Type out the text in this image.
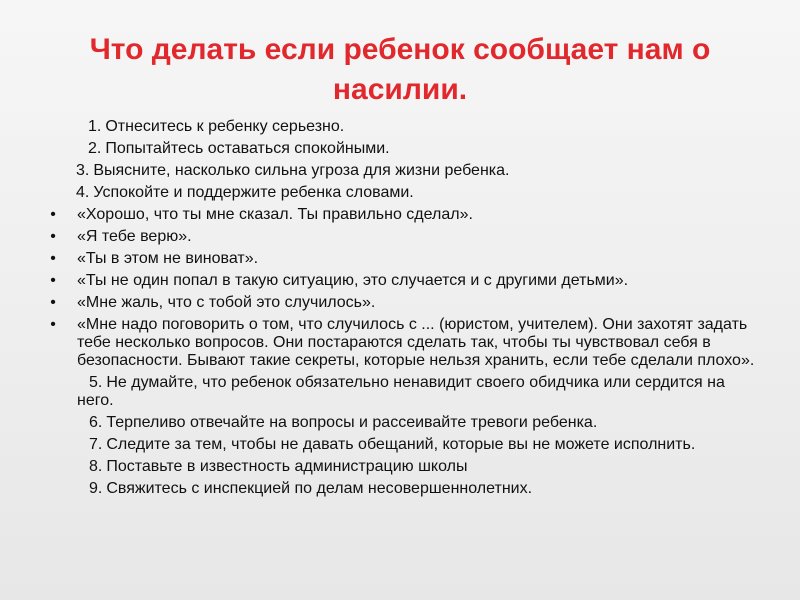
Что делать если ребенок сообщает нам о насилии.

1. Отнеситесь к ребенку серьезно.

2. Попытайтесь оставаться спокойными.

3. Выясните, насколько сильна угроза для жизни ребенка.

4. Успокойте и поддержите ребенка словами.

• «Хорошо, что ты мне сказал. Ты правильно сделал».

• «Я тебе верю».

• «Ты в этом не виноват».

• «Ты не один попал в такую ситуацию, это случается и с другими детьми».

• «Мне жаль, что с тобой это случилось».

• «Мне надо поговорить о том, что случилось с ... (юристом, учителем). Они захотят задать тебе несколько вопросов. Они постараются сделать так, чтобы ты чувствовал себя в безопасности. Бывают такие секреты, которые нельзя хранить, если тебе сделали плохо».

5. Не думайте, что ребенок обязательно ненавидит своего обидчика или сердится на него.

6. Терпеливо отвечайте на вопросы и рассеивайте тревоги ребенка.

7. Следите за тем, чтобы не давать обещаний, которые вы не можете исполнить.

8. Поставьте в известность администрацию школы

9. Свяжитесь с инспекцией по делам несовершеннолетних.
